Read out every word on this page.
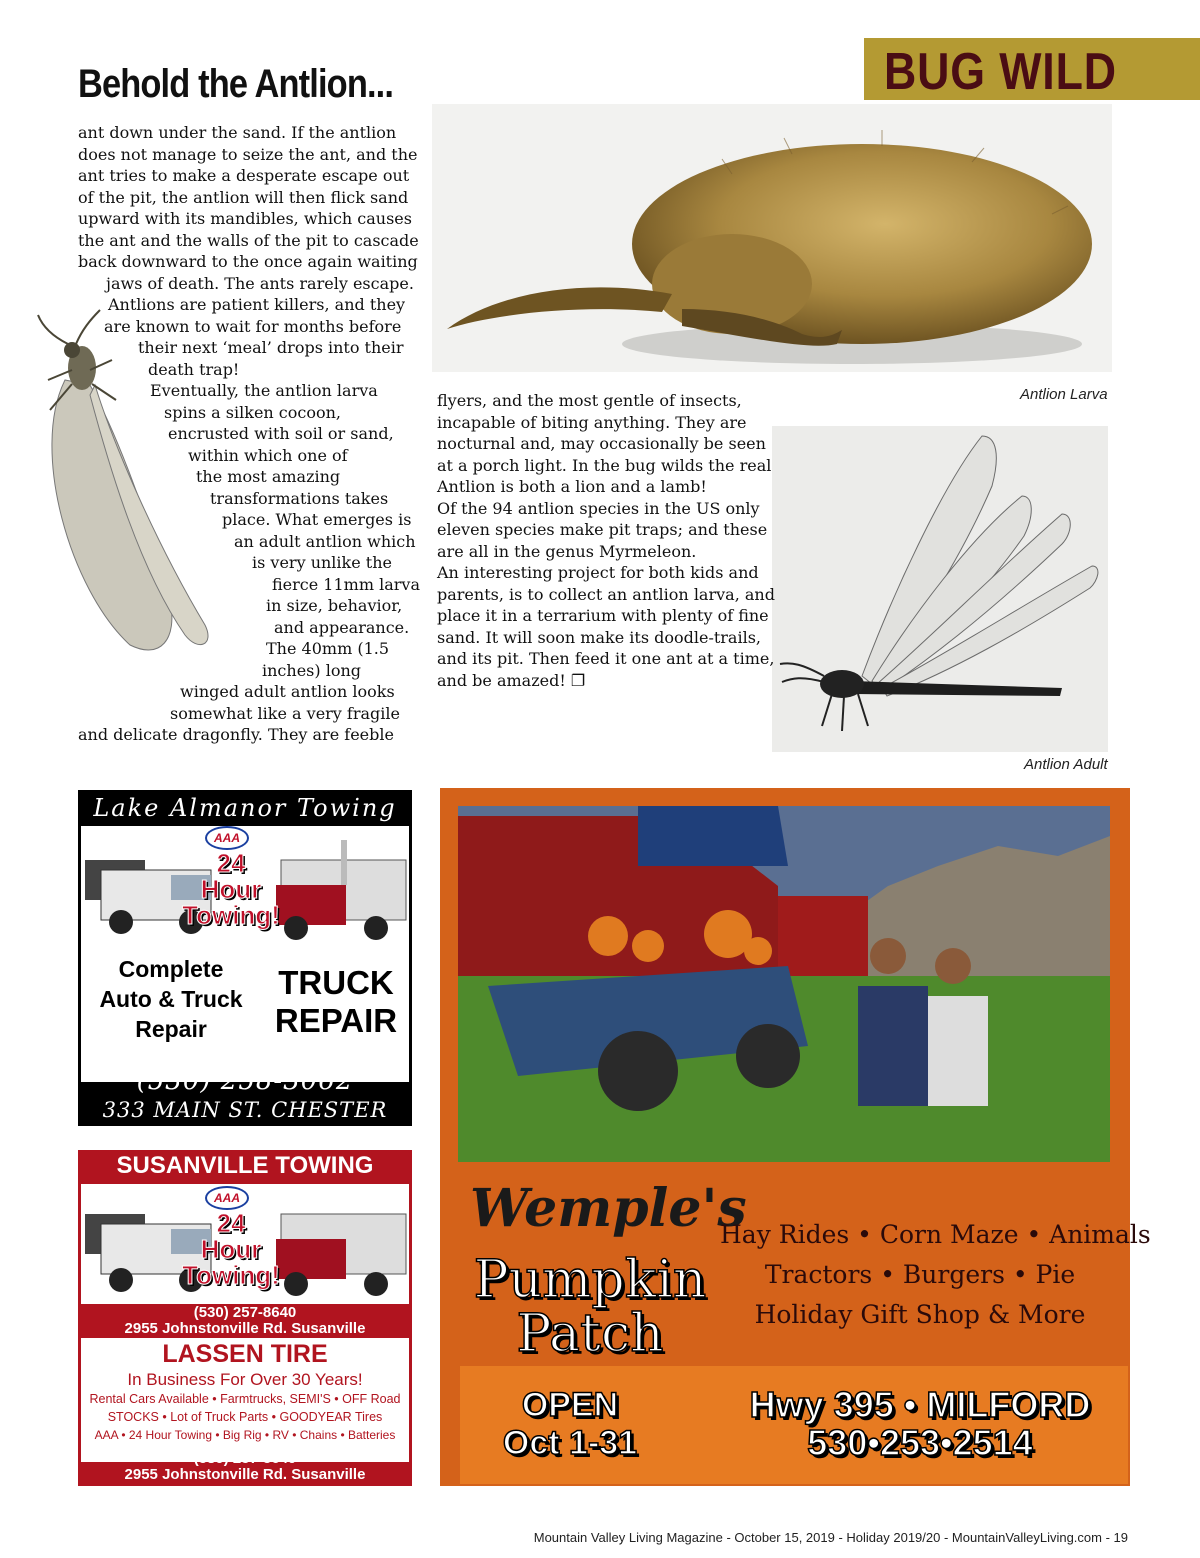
Behold the Antlion...	BUG WILD
Antlion Larva
Antlion Adult
ant down under the sand. If the antlion
does not manage to seize the ant, and the
ant tries to make a desperate escape out
of the pit, the antlion will then flick sand
upward with its mandibles, which causes
the ant and the walls of the pit to cascade
back downward to the once again waiting
jaws of death. The ants rarely escape.
Antlions are patient killers, and they
are known to wait for months before
their next ‘meal’ drops into their
death trap!
Eventually, the antlion larva
spins a silken cocoon,
encrusted with soil or sand,
within which one of
the most amazing
transformations takes
place. What emerges is
an adult antlion which
is very unlike the
fierce 11mm larva
in size, behavior,
and appearance.
The 40mm (1.5
inches) long
winged adult antlion looks
somewhat like a very fragile
and delicate dragonfly. They are feeble
flyers, and the most gentle of insects,
incapable of biting anything. They are
nocturnal and, may occasionally be seen
at a porch light. In the bug wilds the real
Antlion is both a lion and a lamb!
Of the 94 antlion species in the US only
eleven species make pit traps; and these
are all in the genus Myrmeleon.
An interesting project for both kids and
parents, is to collect an antlion larva, and
place it in a terrarium with plenty of fine
sand. It will soon make its doodle-trails,
and its pit. Then feed it one ant at a time,
and be amazed! ❐
Lake Almanor Towing
AAA
24
Hour
Towing!
Complete
Auto & Truck
Repair
TRUCK
REPAIR
(530) 258-3062
333 MAIN ST. CHESTER
SUSANVILLE TOWING
AAA
24
Hour
Towing!
(530) 257-8640
2955 Johnstonville Rd. Susanville
LASSEN TIRE
In Business For Over 30 Years!
Rental Cars Available • Farmtrucks, SEMI'S • OFF Road
STOCKS • Lot of Truck Parts • GOODYEAR Tires
AAA • 24 Hour Towing • Big Rig • RV • Chains • Batteries
(530) 257-8640
2955 Johnstonville Rd. Susanville
Wemple's
Pumpkin
Patch
Hay Rides • Corn Maze • Animals
Tractors • Burgers • Pie
Holiday Gift Shop & More
OPEN
Oct 1-31
Hwy 395 • MILFORD
530•253•2514
Mountain Valley Living Magazine - October 15, 2019 - Holiday 2019/20 - MountainValleyLiving.com - 19
